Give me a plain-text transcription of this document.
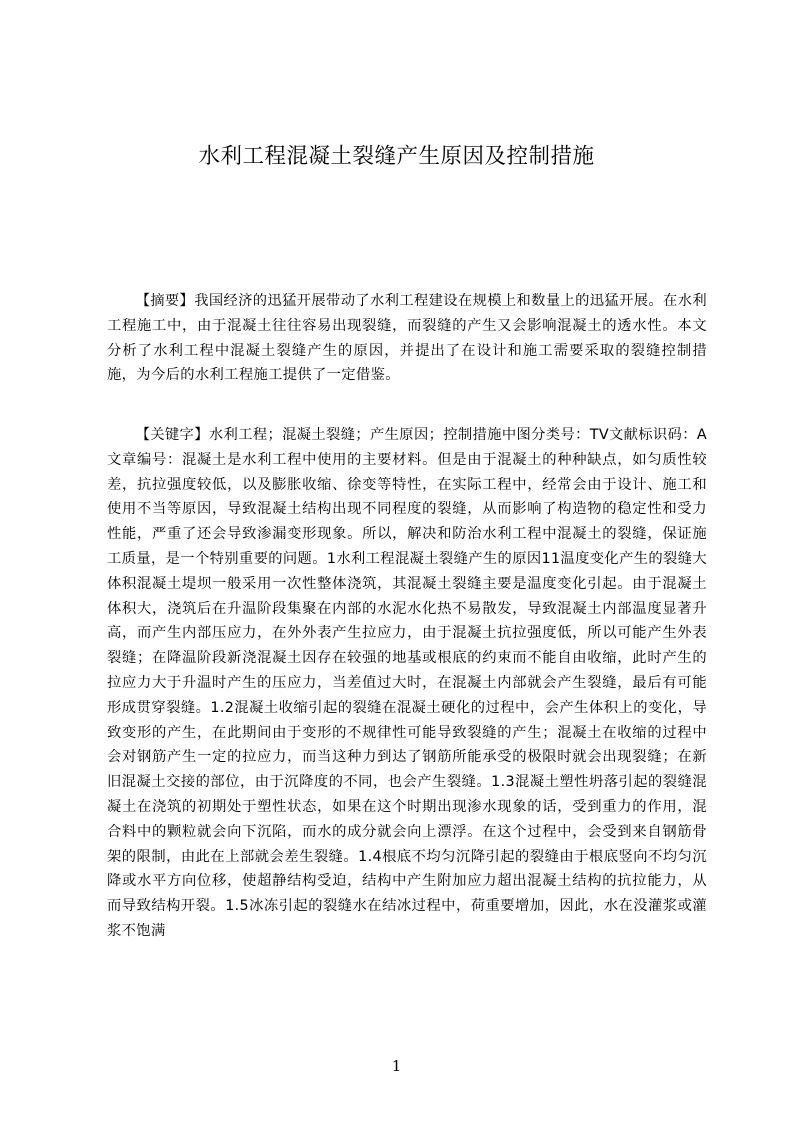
水利工程混凝土裂缝产生原因及控制措施

【摘要】我国经济的迅猛开展带动了水利工程建设在规模上和数量上的迅猛开展。在水利工程施工中，由于混凝土往往容易出现裂缝，而裂缝的产生又会影响混凝土的透水性。本文分析了水利工程中混凝土裂缝产生的原因，并提出了在设计和施工需要采取的裂缝控制措施，为今后的水利工程施工提供了一定借鉴。

【关键字】水利工程；混凝土裂缝；产生原因；控制措施中图分类号：TV文献标识码：A文章编号：混凝土是水利工程中使用的主要材料。但是由于混凝土的种种缺点，如匀质性较差，抗拉强度较低，以及膨胀收缩、徐变等特性，在实际工程中，经常会由于设计、施工和使用不当等原因，导致混凝土结构出现不同程度的裂缝，从而影响了构造物的稳定性和受力性能，严重了还会导致渗漏变形现象。所以，解决和防治水利工程中混凝土的裂缝，保证施工质量，是一个特别重要的问题。1水利工程混凝土裂缝产生的原因11温度变化产生的裂缝大体积混凝土堤坝一般采用一次性整体浇筑，其混凝土裂缝主要是温度变化引起。由于混凝土体积大，浇筑后在升温阶段集聚在内部的水泥水化热不易散发，导致混凝土内部温度显著升高，而产生内部压应力，在外外表产生拉应力，由于混凝土抗拉强度低，所以可能产生外表裂缝；在降温阶段新浇混凝土因存在较强的地基或根底的约束而不能自由收缩，此时产生的拉应力大于升温时产生的压应力，当差值过大时，在混凝土内部就会产生裂缝，最后有可能形成贯穿裂缝。1.2混凝土收缩引起的裂缝在混凝土硬化的过程中，会产生体积上的变化，导致变形的产生，在此期间由于变形的不规律性可能导致裂缝的产生；混凝土在收缩的过程中会对钢筋产生一定的拉应力，而当这种力到达了钢筋所能承受的极限时就会出现裂缝；在新旧混凝土交接的部位，由于沉降度的不同，也会产生裂缝。1.3混凝土塑性坍落引起的裂缝混凝土在浇筑的初期处于塑性状态，如果在这个时期出现渗水现象的话，受到重力的作用，混合料中的颗粒就会向下沉陷，而水的成分就会向上漂浮。在这个过程中，会受到来自钢筋骨架的限制，由此在上部就会差生裂缝。1.4根底不均匀沉降引起的裂缝由于根底竖向不均匀沉降或水平方向位移，使超静结构受迫，结构中产生附加应力超出混凝土结构的抗拉能力，从而导致结构开裂。1.5冰冻引起的裂缝水在结冰过程中，荷重要增加，因此，水在没灌浆或灌浆不饱满

1
